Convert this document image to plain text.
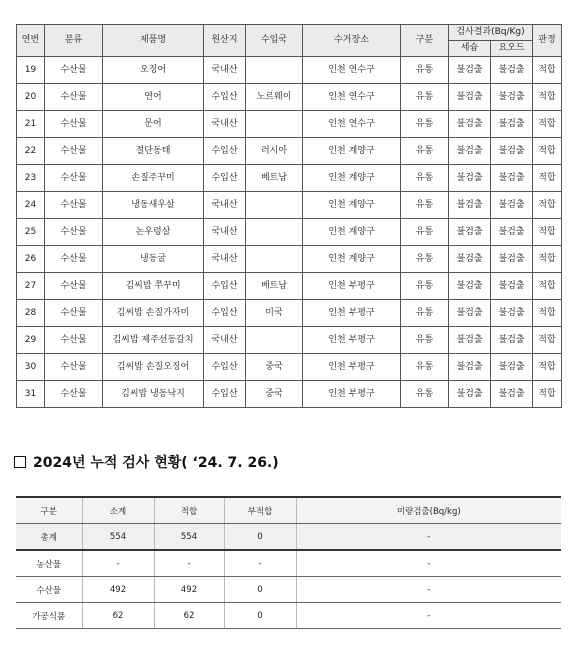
연번	분류	제품명	원산지	수입국	수거장소	구분	검사결과(Bq/Kg)		판정
							세슘	요오드	
19	수산물	오징어	국내산		인천 연수구	유통	불검출	불검출	적합
20	수산물	연어	수입산	노르웨이	인천 연수구	유통	불검출	불검출	적합
21	수산물	문어	국내산		인천 연수구	유통	불검출	불검출	적합
22	수산물	절단동태	수입산	러시아	인천 계양구	유통	불검출	불검출	적합
23	수산물	손질주꾸미	수입산	베트남	인천 계양구	유통	불검출	불검출	적합
24	수산물	냉동새우살	국내산		인천 계양구	유통	불검출	불검출	적합
25	수산물	논우렁살	국내산		인천 계양구	유통	불검출	불검출	적합
26	수산물	냉동굴	국내산		인천 계양구	유통	불검출	불검출	적합
27	수산물	김씨밥 쭈꾸미	수입산	베트남	인천 부평구	유통	불검출	불검출	적합
28	수산물	김씨밥 손질가자미	수입산	미국	인천 부평구	유통	불검출	불검출	적합
29	수산물	김씨밥 제주선동갈치	국내산		인천 부평구	유통	불검출	불검출	적합
30	수산물	김씨밥 손질오징어	수입산	중국	인천 부평구	유통	불검출	불검출	적합
31	수산물	김씨밥 냉동낙지	수입산	중국	인천 부평구	유통	불검출	불검출	적합
2024년 누적 검사 현황( ‘24. 7. 26.)
구분	소계	적합	부적합	미량검출(Bq/kg)
총계	554	554	0	-
농산물	-	-	-	-
수산물	492	492	0	-
가공식품	62	62	0	-
